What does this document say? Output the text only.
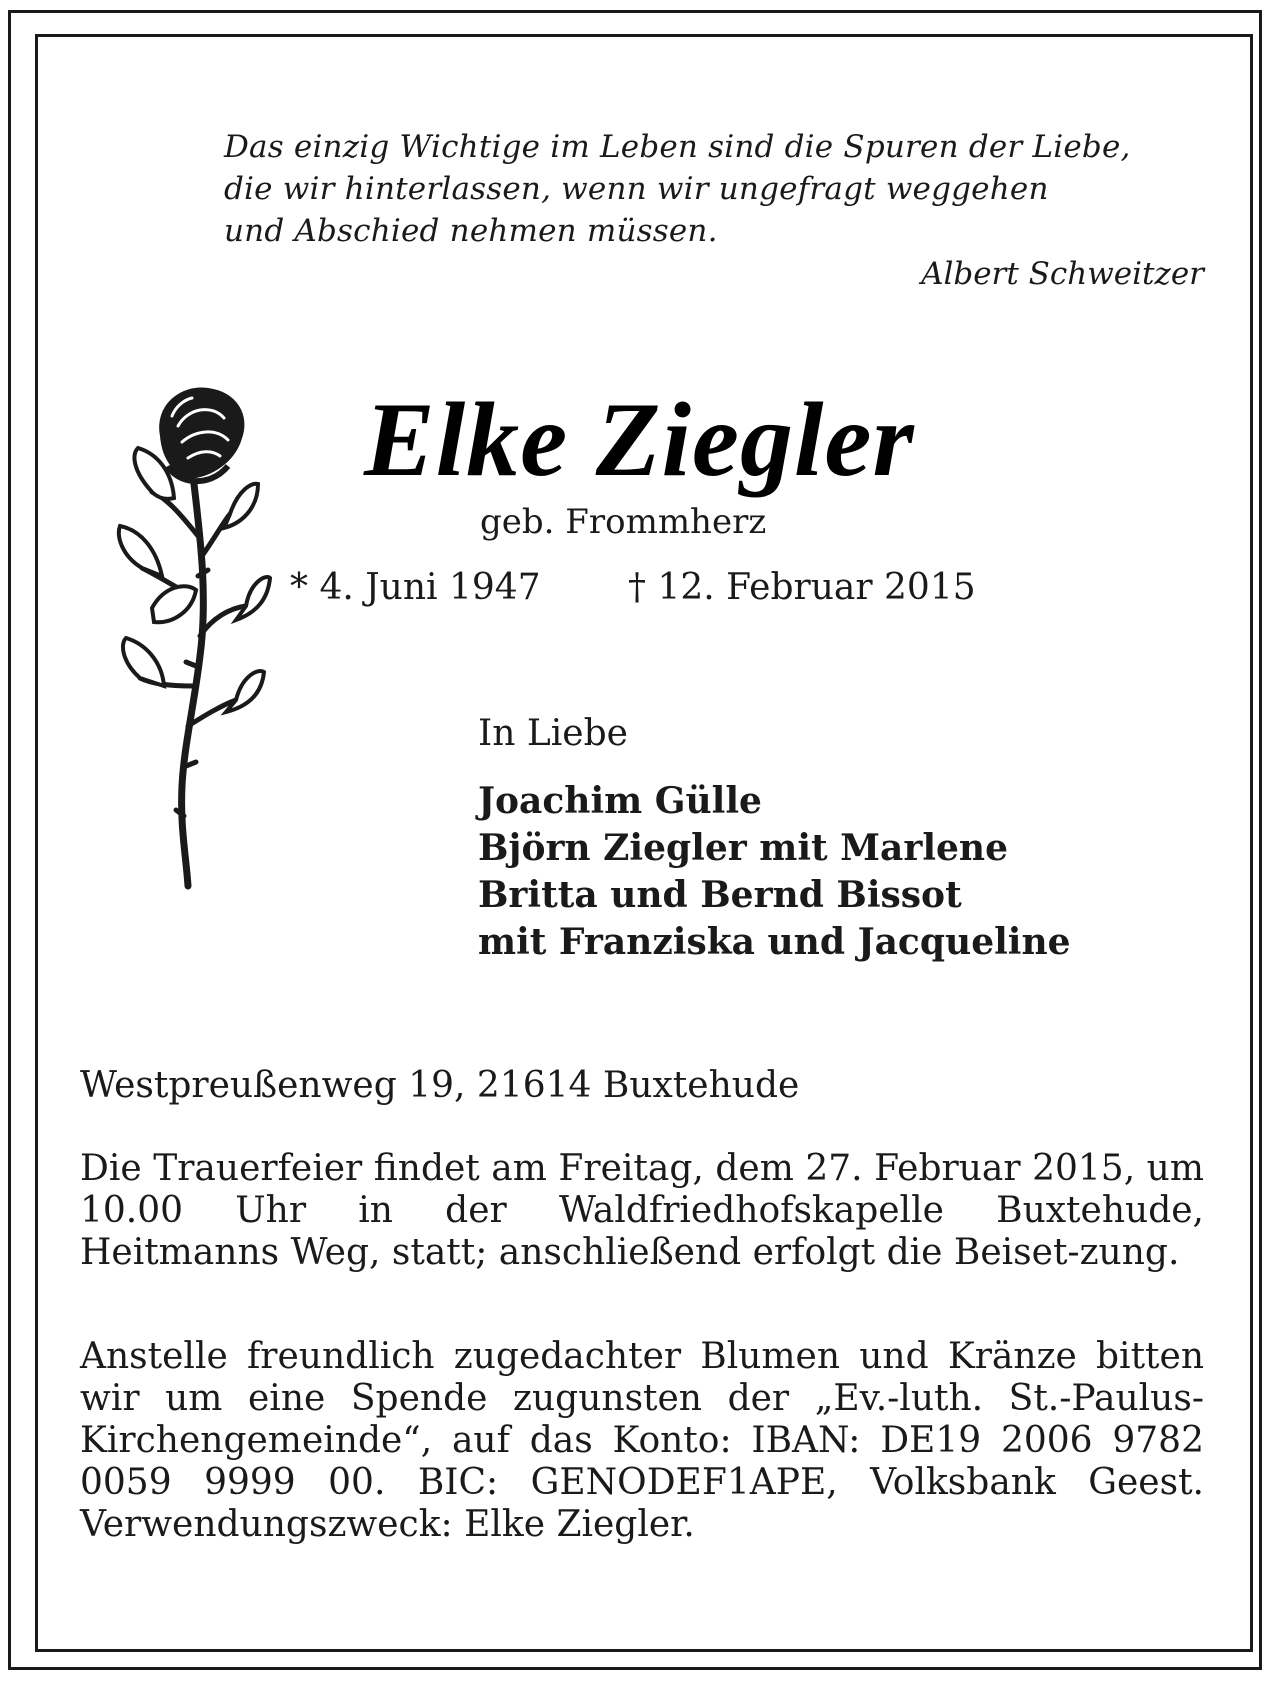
Das einzig Wichtige im Leben sind die Spuren der Liebe,
die wir hinterlassen, wenn wir ungefragt weggehen
und Abschied nehmen müssen.
Albert Schweitzer
Elke Ziegler
geb. Frommherz
* 4. Juni 1947 † 12. Februar 2015
In Liebe
Joachim Gülle
Björn Ziegler mit Marlene
Britta und Bernd Bissot
mit Franziska und Jacqueline
Westpreußenweg 19, 21614 Buxtehude
Die Trauerfeier findet am Freitag, dem 27. Februar 2015, um 10.00 Uhr in der Waldfriedhofskapelle Buxtehude, Heitmanns Weg, statt; anschließend erfolgt die Beiset-zung.
Anstelle freundlich zugedachter Blumen und Kränze bitten wir um eine Spende zugunsten der „Ev.-luth. St.-Paulus-Kirchengemeinde“, auf das Konto: IBAN: DE19 2006 9782 0059 9999 00. BIC: GENODEF1APE, Volksbank Geest. Verwendungszweck: Elke Ziegler.
